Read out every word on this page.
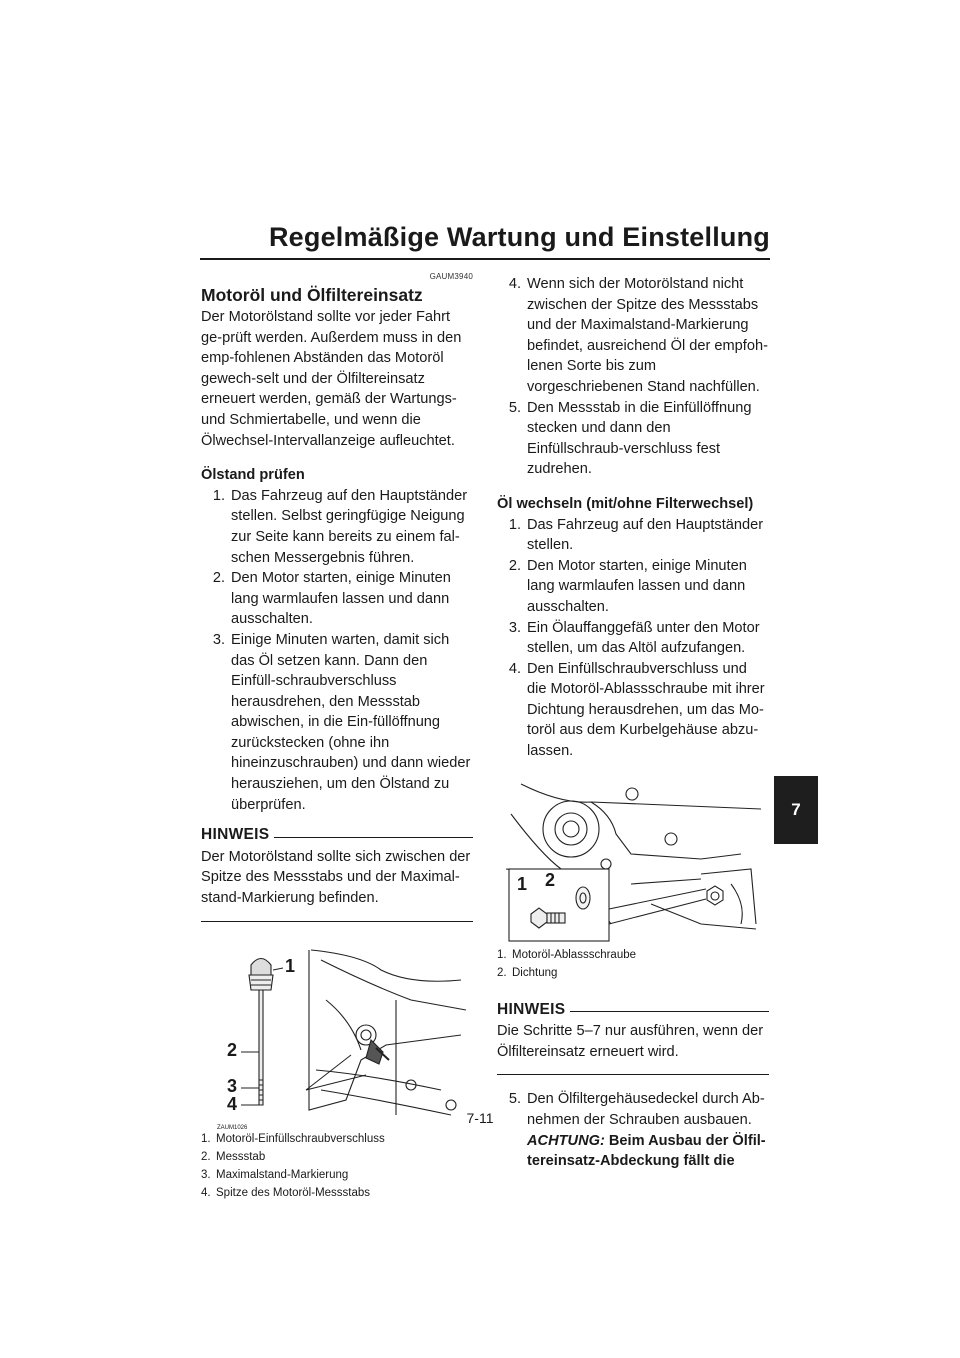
Regelmäßige Wartung und Einstellung
7
GAUM3940
Motoröl und Ölfiltereinsatz

Der Motorölstand sollte vor jeder Fahrt ge-prüft werden. Außerdem muss in den emp-fohlenen Abständen das Motoröl gewech-selt und der Ölfiltereinsatz erneuert werden, gemäß der Wartungs- und Schmiertabelle, und wenn die Ölwechsel-Intervallanzeige aufleuchtet.

Ölstand prüfen
1. Das Fahrzeug auf den Hauptständer stellen. Selbst geringfügige Neigung zur Seite kann bereits zu einem fal-schen Messergebnis führen.
2. Den Motor starten, einige Minuten lang warmlaufen lassen und dann ausschalten.
3. Einige Minuten warten, damit sich das Öl setzen kann. Dann den Einfüll-schraubverschluss herausdrehen, den Messstab abwischen, in die Ein-füllöffnung zurückstecken (ohne ihn hineinzuschrauben) und dann wieder herausziehen, um den Ölstand zu überprüfen.
HINWEIS

Der Motorölstand sollte sich zwischen der Spitze des Messstabs und der Maximal-stand-Markierung befinden.

1
2
3
4
ZAUM1026
1. Motoröl-Einfüllschraubverschluss
2. Messstab
3. Maximalstand-Markierung
4. Spitze des Motoröl-Messstabs
4. Wenn sich der Motorölstand nicht zwischen der Spitze des Messstabs und der Maximalstand-Markierung befindet, ausreichend Öl der empfoh-lenen Sorte bis zum vorgeschriebenen Stand nachfüllen.
5. Den Messstab in die Einfüllöffnung stecken und dann den Einfüllschraub-verschluss fest zudrehen.
Öl wechseln (mit/ohne Filterwechsel)
1. Das Fahrzeug auf den Hauptständer stellen.
2. Den Motor starten, einige Minuten lang warmlaufen lassen und dann ausschalten.
3. Ein Ölauffanggefäß unter den Motor stellen, um das Altöl aufzufangen.
4. Den Einfüllschraubverschluss und die Motoröl-Ablassschraube mit ihrer Dichtung herausdrehen, um das Mo-toröl aus dem Kurbelgehäuse abzu-lassen.
1 2
1. Motoröl-Ablassschraube
2. Dichtung
HINWEIS

Die Schritte 5–7 nur ausführen, wenn der Ölfiltereinsatz erneuert wird.

5. Den Ölfiltergehäusedeckel durch Ab-nehmen der Schrauben ausbauen. ACHTUNG: Beim Ausbau der Ölfil-tereinsatz-Abdeckung fällt die
7-11
